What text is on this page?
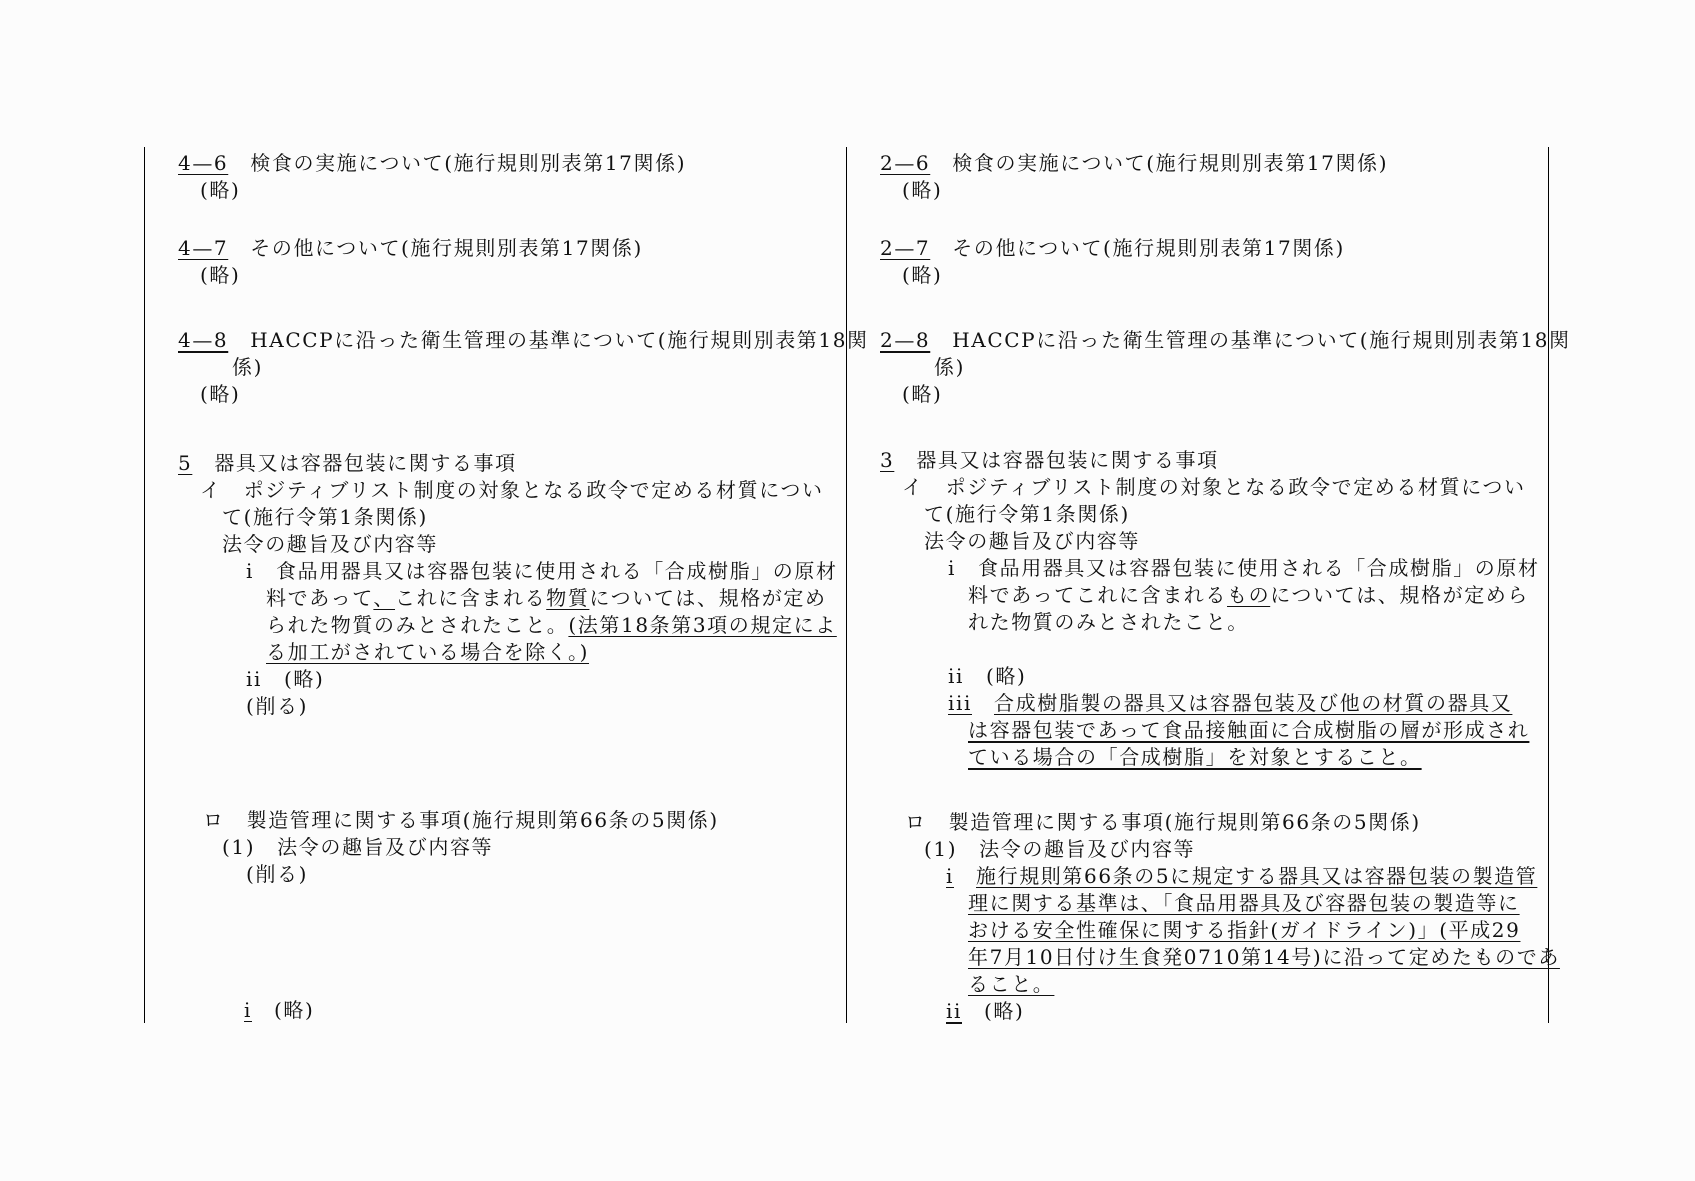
4—6 検食の実施について(施行規則別表第17関係)
(略)
4—7 その他について(施行規則別表第17関係)
(略)
4—8 HACCPに沿った衛生管理の基準について(施行規則別表第18関
係)
(略)
5 器具又は容器包装に関する事項
イ ポジティブリスト制度の対象となる政令で定める材質につい
て(施行令第1条関係)
法令の趣旨及び内容等
i 食品用器具又は容器包装に使用される「合成樹脂」の原材
料であって、これに含まれる物質については、規格が定め
られた物質のみとされたこと。(法第18条第3項の規定によ
る加工がされている場合を除く。)
ii (略)
(削る)
ロ 製造管理に関する事項(施行規則第66条の5関係)
(1) 法令の趣旨及び内容等
(削る)
i (略)
2—6 検食の実施について(施行規則別表第17関係)
(略)
2—7 その他について(施行規則別表第17関係)
(略)
2—8 HACCPに沿った衛生管理の基準について(施行規則別表第18関
係)
(略)
3 器具又は容器包装に関する事項
イ ポジティブリスト制度の対象となる政令で定める材質につい
て(施行令第1条関係)
法令の趣旨及び内容等
i 食品用器具又は容器包装に使用される「合成樹脂」の原材
料であってこれに含まれるものについては、規格が定めら
れた物質のみとされたこと。
ii (略)
iii 合成樹脂製の器具又は容器包装及び他の材質の器具又
は容器包装であって食品接触面に合成樹脂の層が形成され
ている場合の「合成樹脂」を対象とすること。
ロ 製造管理に関する事項(施行規則第66条の5関係)
(1) 法令の趣旨及び内容等
i 施行規則第66条の5に規定する器具又は容器包装の製造管
理に関する基準は、「食品用器具及び容器包装の製造等に
おける安全性確保に関する指針(ガイドライン)」(平成29
年7月10日付け生食発0710第14号)に沿って定めたものであ
ること。
ii (略)
